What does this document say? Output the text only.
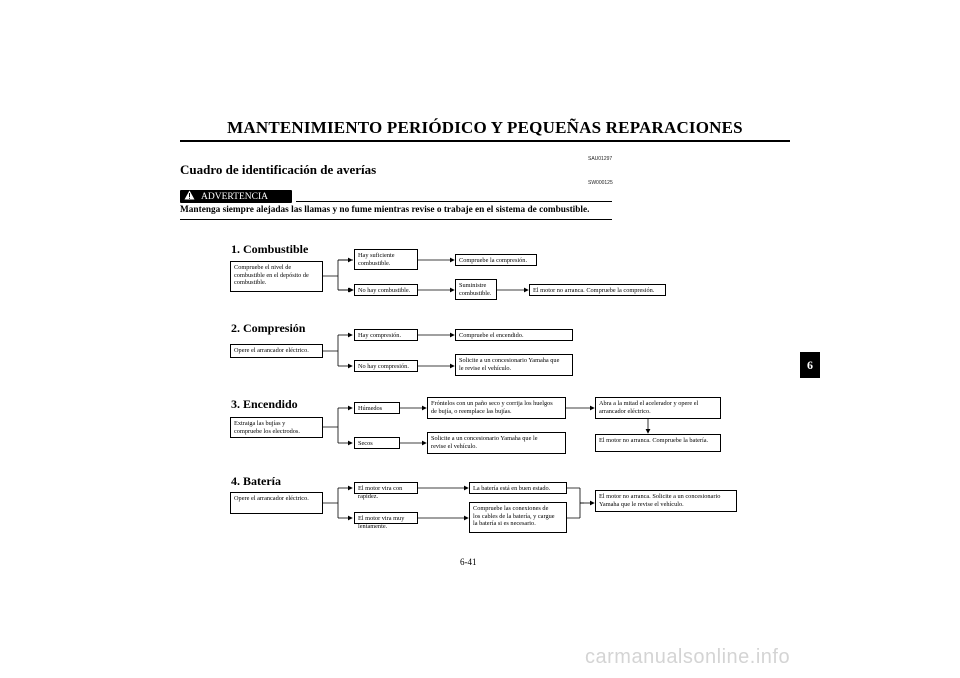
MANTENIMIENTO PERIÓDICO Y PEQUEÑAS REPARACIONES
SAU01297
Cuadro de identificación de averías
SW000125
ADVERTENCIA
Mantenga siempre alejadas las llamas y no fume mientras revise o trabaje en el sistema de combustible.
1. Combustible
Compruebe el nivel de
combustible en el depósito de
combustible.
Hay suficiente
combustible.	Compruebe la compresión.
No hay combustible.
Suministre
combustible.	El motor no arranca. Compruebe la compresión.
2. Compresión
Opere el arrancador eléctrico.
Hay compresión.	Compruebe el encendido.
No hay compresión.
Solicite a un concesionario Yamaha que
le revise el vehículo.
3. Encendido
Extraiga las bujías y
compruebe los electrodos.
Húmedos
Fróntelos con un paño seco y corrija los huelgos
de bujía, o reemplace las bujías.
Abra a la mitad el acelerador y opere el
arrancador eléctrico.
El motor no arranca. Compruebe la batería.
Secos
Solicite a un concesionario Yamaha que le
revise el vehículo.
4. Batería
Opere el arrancador eléctrico.
El motor vira con rapidez.
La batería está en buen estado.
El motor vira muy lentamente.
Compruebe las conexiones de
los cables de la batería, y cargue
la batería si es necesario.
El motor no arranca. Solicite a un concesionario
Yamaha que le revise el vehículo.
6
6-41
carmanualsonline.info
